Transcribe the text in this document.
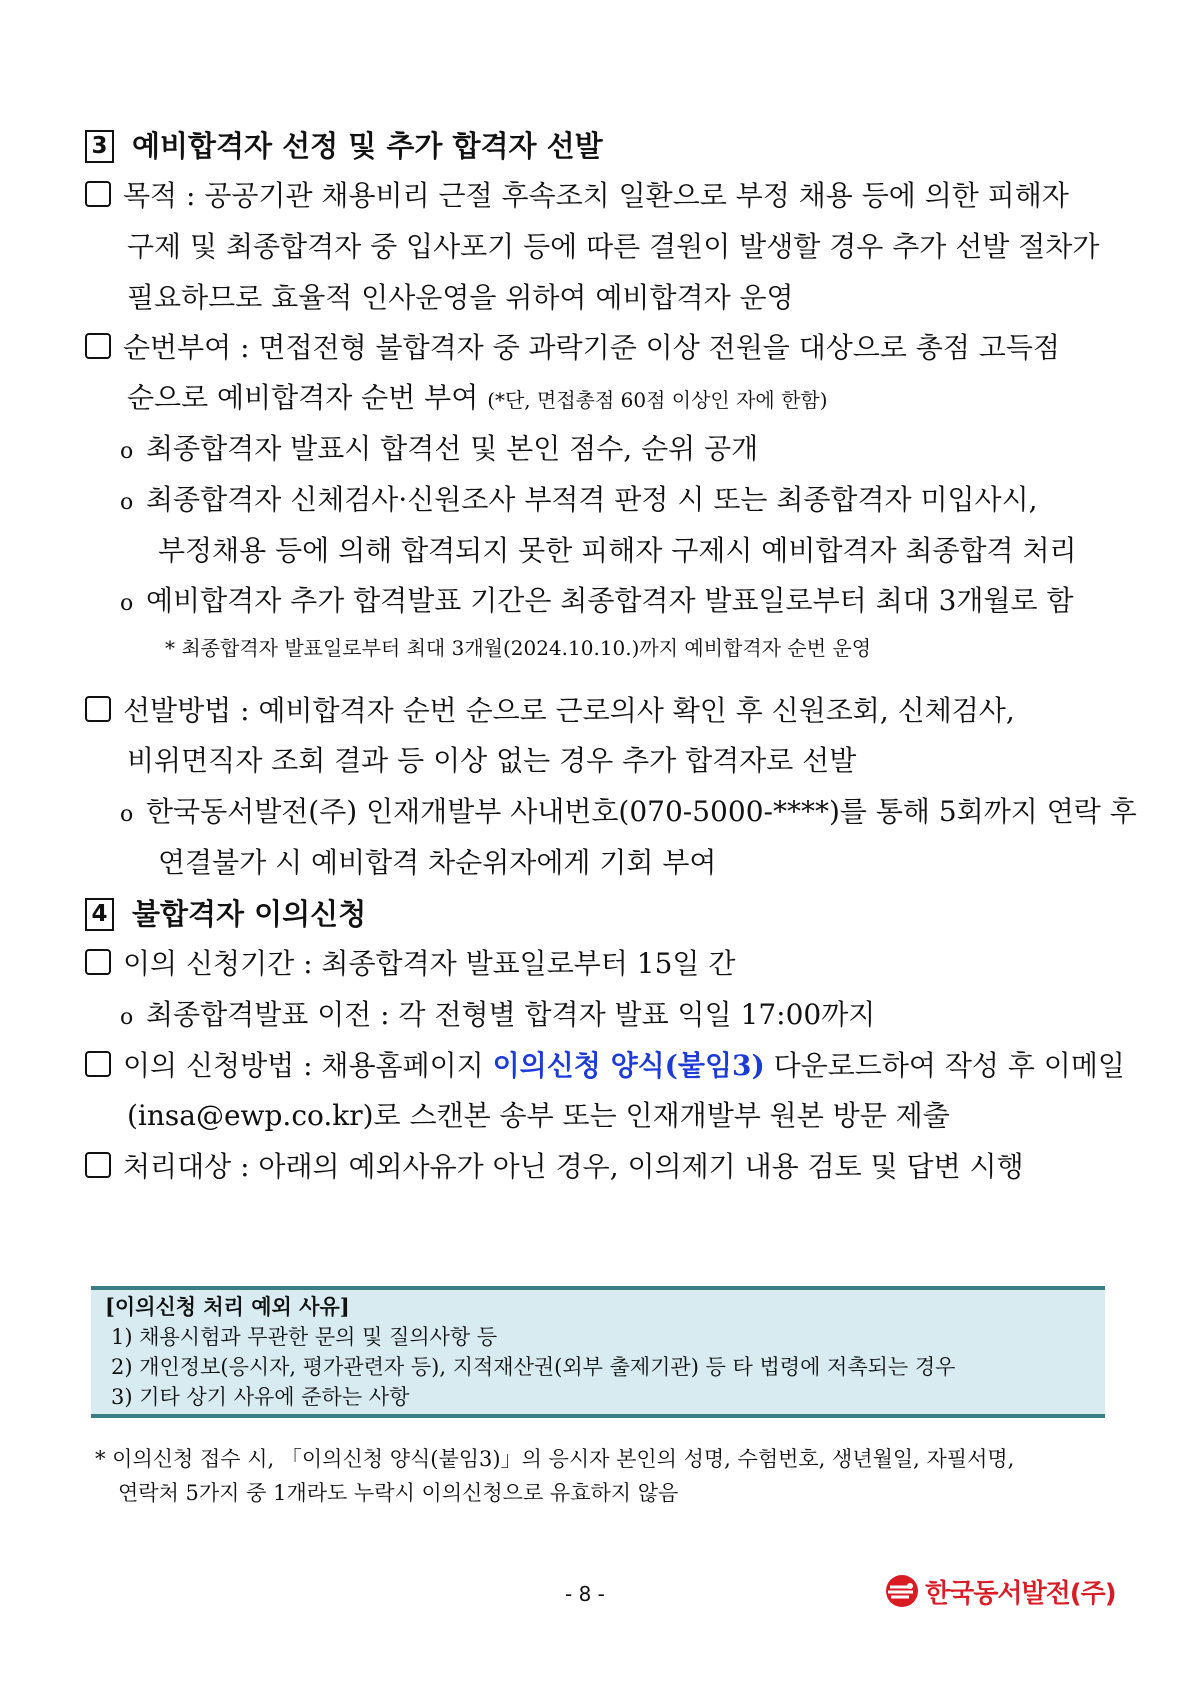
3 예비합격자 선정 및 추가 합격자 선발
목적 : 공공기관 채용비리 근절 후속조치 일환으로 부정 채용 등에 의한 피해자
구제 및 최종합격자 중 입사포기 등에 따른 결원이 발생할 경우 추가 선발 절차가
필요하므로 효율적 인사운영을 위하여 예비합격자 운영
순번부여 : 면접전형 불합격자 중 과락기준 이상 전원을 대상으로 총점 고득점
순으로 예비합격자 순번 부여 (*단, 면접총점 60점 이상인 자에 한함)
o 최종합격자 발표시 합격선 및 본인 점수, 순위 공개
o 최종합격자 신체검사·신원조사 부적격 판정 시 또는 최종합격자 미입사시,
부정채용 등에 의해 합격되지 못한 피해자 구제시 예비합격자 최종합격 처리
o 예비합격자 추가 합격발표 기간은 최종합격자 발표일로부터 최대 3개월로 함
* 최종합격자 발표일로부터 최대 3개월(2024.10.10.)까지 예비합격자 순번 운영
선발방법 : 예비합격자 순번 순으로 근로의사 확인 후 신원조회, 신체검사,
비위면직자 조회 결과 등 이상 없는 경우 추가 합격자로 선발
o 한국동서발전(주) 인재개발부 사내번호(070-5000-****)를 통해 5회까지 연락 후
연결불가 시 예비합격 차순위자에게 기회 부여
4 불합격자 이의신청
이의 신청기간 : 최종합격자 발표일로부터 15일 간
o 최종합격발표 이전 : 각 전형별 합격자 발표 익일 17:00까지
이의 신청방법 : 채용홈페이지 이의신청 양식(붙임3) 다운로드하여 작성 후 이메일
(insa@ewp.co.kr)로 스캔본 송부 또는 인재개발부 원본 방문 제출
처리대상 : 아래의 예외사유가 아닌 경우, 이의제기 내용 검토 및 답변 시행
[이의신청 처리 예외 사유]
1) 채용시험과 무관한 문의 및 질의사항 등
2) 개인정보(응시자, 평가관련자 등), 지적재산권(외부 출제기관) 등 타 법령에 저촉되는 경우
3) 기타 상기 사유에 준하는 사항
* 이의신청 접수 시, 「이의신청 양식(붙임3)」의 응시자 본인의 성명, 수험번호, 생년월일, 자필서명,
연락처 5가지 중 1개라도 누락시 이의신청으로 유효하지 않음
- 8 -	한국동서발전(주)
